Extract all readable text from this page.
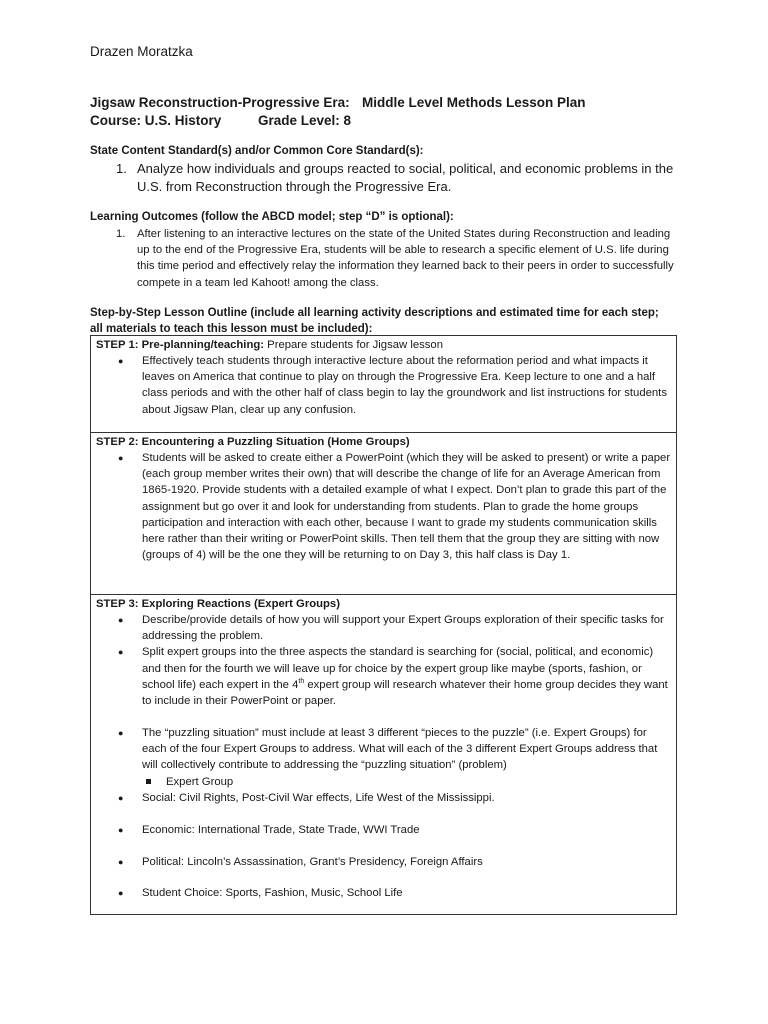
Drazen Moratzka
Jigsaw Reconstruction-Progressive Era: Middle Level Methods Lesson Plan
Course: U.S. History	Grade Level: 8
State Content Standard(s) and/or Common Core Standard(s):
1. Analyze how individuals and groups reacted to social, political, and economic problems in the U.S. from Reconstruction through the Progressive Era.
Learning Outcomes (follow the ABCD model; step “D” is optional):
1. After listening to an interactive lectures on the state of the United States during Reconstruction and leading up to the end of the Progressive Era, students will be able to research a specific element of U.S. life during this time period and effectively relay the information they learned back to their peers in order to successfully compete in a team led Kahoot! among the class.
Step-by-Step Lesson Outline (include all learning activity descriptions and estimated time for each step; all materials to teach this lesson must be included):
STEP 1: Pre-planning/teaching: Prepare students for Jigsaw lesson
● Effectively teach students through interactive lecture about the reformation period and what impacts it leaves on America that continue to play on through the Progressive Era. Keep lecture to one and a half class periods and with the other half of class begin to lay the groundwork and list instructions for students about Jigsaw Plan, clear up any confusion.
STEP 2: Encountering a Puzzling Situation (Home Groups)
● Students will be asked to create either a PowerPoint (which they will be asked to present) or write a paper (each group member writes their own) that will describe the change of life for an Average American from 1865-1920. Provide students with a detailed example of what I expect. Don’t plan to grade this part of the assignment but go over it and look for understanding from students. Plan to grade the home groups participation and interaction with each other, because I want to grade my students communication skills here rather than their writing or PowerPoint skills. Then tell them that the group they are sitting with now (groups of 4) will be the one they will be returning to on Day 3, this half class is Day 1.
STEP 3: Exploring Reactions (Expert Groups)
● Describe/provide details of how you will support your Expert Groups exploration of their specific tasks for addressing the problem.
● Split expert groups into the three aspects the standard is searching for (social, political, and economic) and then for the fourth we will leave up for choice by the expert group like maybe (sports, fashion, or school life) each expert in the 4th expert group will research whatever their home group decides they want to include in their PowerPoint or paper.
● The “puzzling situation” must include at least 3 different “pieces to the puzzle” (i.e. Expert Groups) for each of the four Expert Groups to address. What will each of the 3 different Expert Groups address that will collectively contribute to addressing the “puzzling situation” (problem)
Expert Group
● Social: Civil Rights, Post-Civil War effects, Life West of the Mississippi.
● Economic: International Trade, State Trade, WWI Trade
● Political: Lincoln’s Assassination, Grant’s Presidency, Foreign Affairs
● Student Choice: Sports, Fashion, Music, School Life
